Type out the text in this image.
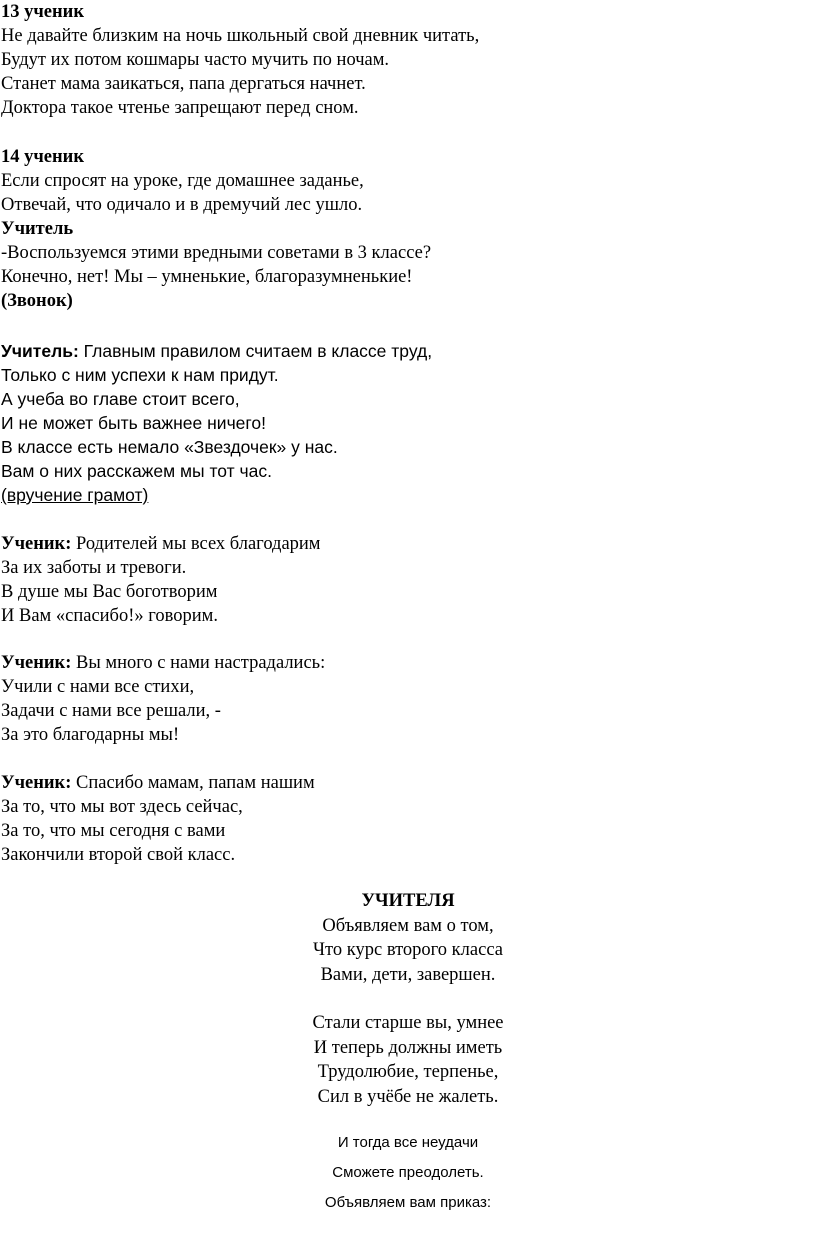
13 ученик
Не давайте близким на ночь школьный свой дневник читать,
Будут их потом кошмары часто мучить по ночам.
Станет мама заикаться, папа дергаться начнет.
Доктора такое чтенье запрещают перед сном.
14 ученик
Если спросят на уроке, где домашнее заданье,
Отвечай, что одичало и в дремучий лес ушло.
Учитель
-Воспользуемся этими вредными советами в 3 классе?
Конечно, нет! Мы – умненькие, благоразумненькие!
(Звонок)
Учитель: Главным правилом считаем в классе труд,
Только с ним успехи к нам придут.
А учеба во главе стоит всего,
И не может быть важнее ничего!
В классе есть немало «Звездочек» у нас.
Вам о них расскажем мы тот час.
(вручение грамот)
Ученик: Родителей мы всех благодарим
За их заботы и тревоги.
В душе мы Вас боготворим
И Вам «спасибо!» говорим.
Ученик: Вы много с нами настрадались:
Учили с нами все стихи,
Задачи с нами все решали, -
За это благодарны мы!
Ученик: Спасибо мамам, папам нашим
За то, что мы вот здесь сейчас,
За то, что мы сегодня с вами
Закончили второй свой класс.
УЧИТЕЛЯ
Объявляем вам о том,
Что курс второго класса
Вами, дети, завершен.
Стали старше вы, умнее
И теперь должны иметь
Трудолюбие, терпенье,
Сил в учёбе не жалеть.
И тогда все неудачи
Сможете преодолеть.
Объявляем вам приказ:
